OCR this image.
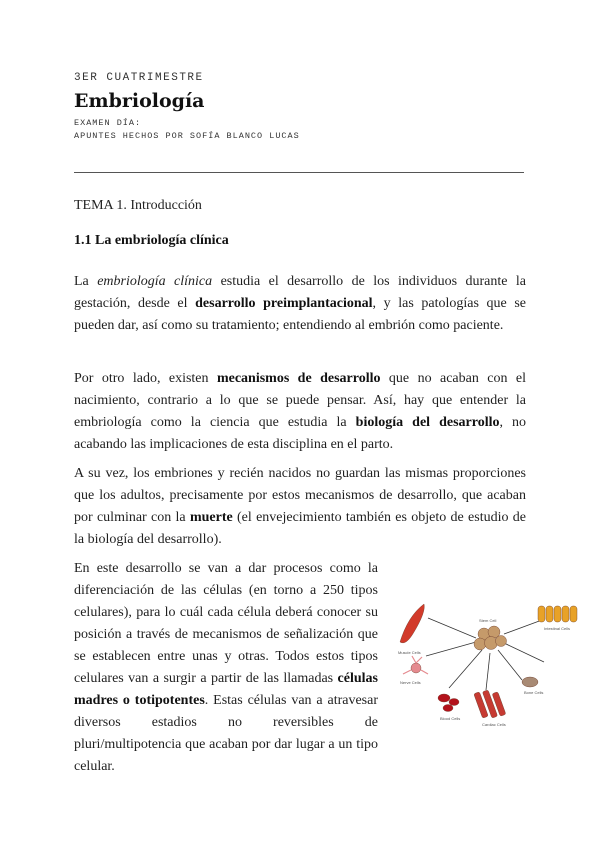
3ER CUATRIMESTRE
Embriología
EXAMEN DÍA:
APUNTES HECHOS POR SOFÍA BLANCO LUCAS
TEMA 1. Introducción
1.1 La embriología clínica

La embriología clínica estudia el desarrollo de los individuos durante la gestación, desde el desarrollo preimplantacional, y las patologías que se pueden dar, así como su tratamiento; entendiendo al embrión como paciente.

Por otro lado, existen mecanismos de desarrollo que no acaban con el nacimiento, contrario a lo que se puede pensar. Así, hay que entender la embriología como la ciencia que estudia la biología del desarrollo, no acabando las implicaciones de esta disciplina en el parto.

A su vez, los embriones y recién nacidos no guardan las mismas proporciones que los adultos, precisamente por estos mecanismos de desarrollo, que acaban por culminar con la muerte (el envejecimiento también es objeto de estudio de la biología del desarrollo).

En este desarrollo se van a dar procesos como la diferenciación de las células (en torno a 250 tipos celulares), para lo cuál cada célula deberá conocer su posición a través de mecanismos de señalización que se establecen entre unas y otras. Todos estos tipos celulares van a surgir a partir de las llamadas células madres o totipotentes. Estas células van a atravesar diversos estadios no reversibles de pluri/multipotencia que acaban por dar lugar a un tipo celular.

Stem Cell
Muscle Cells
Nerve Cells
Blood Cells
Cardiac Cells
Bone Cells
Intestinal Cells
